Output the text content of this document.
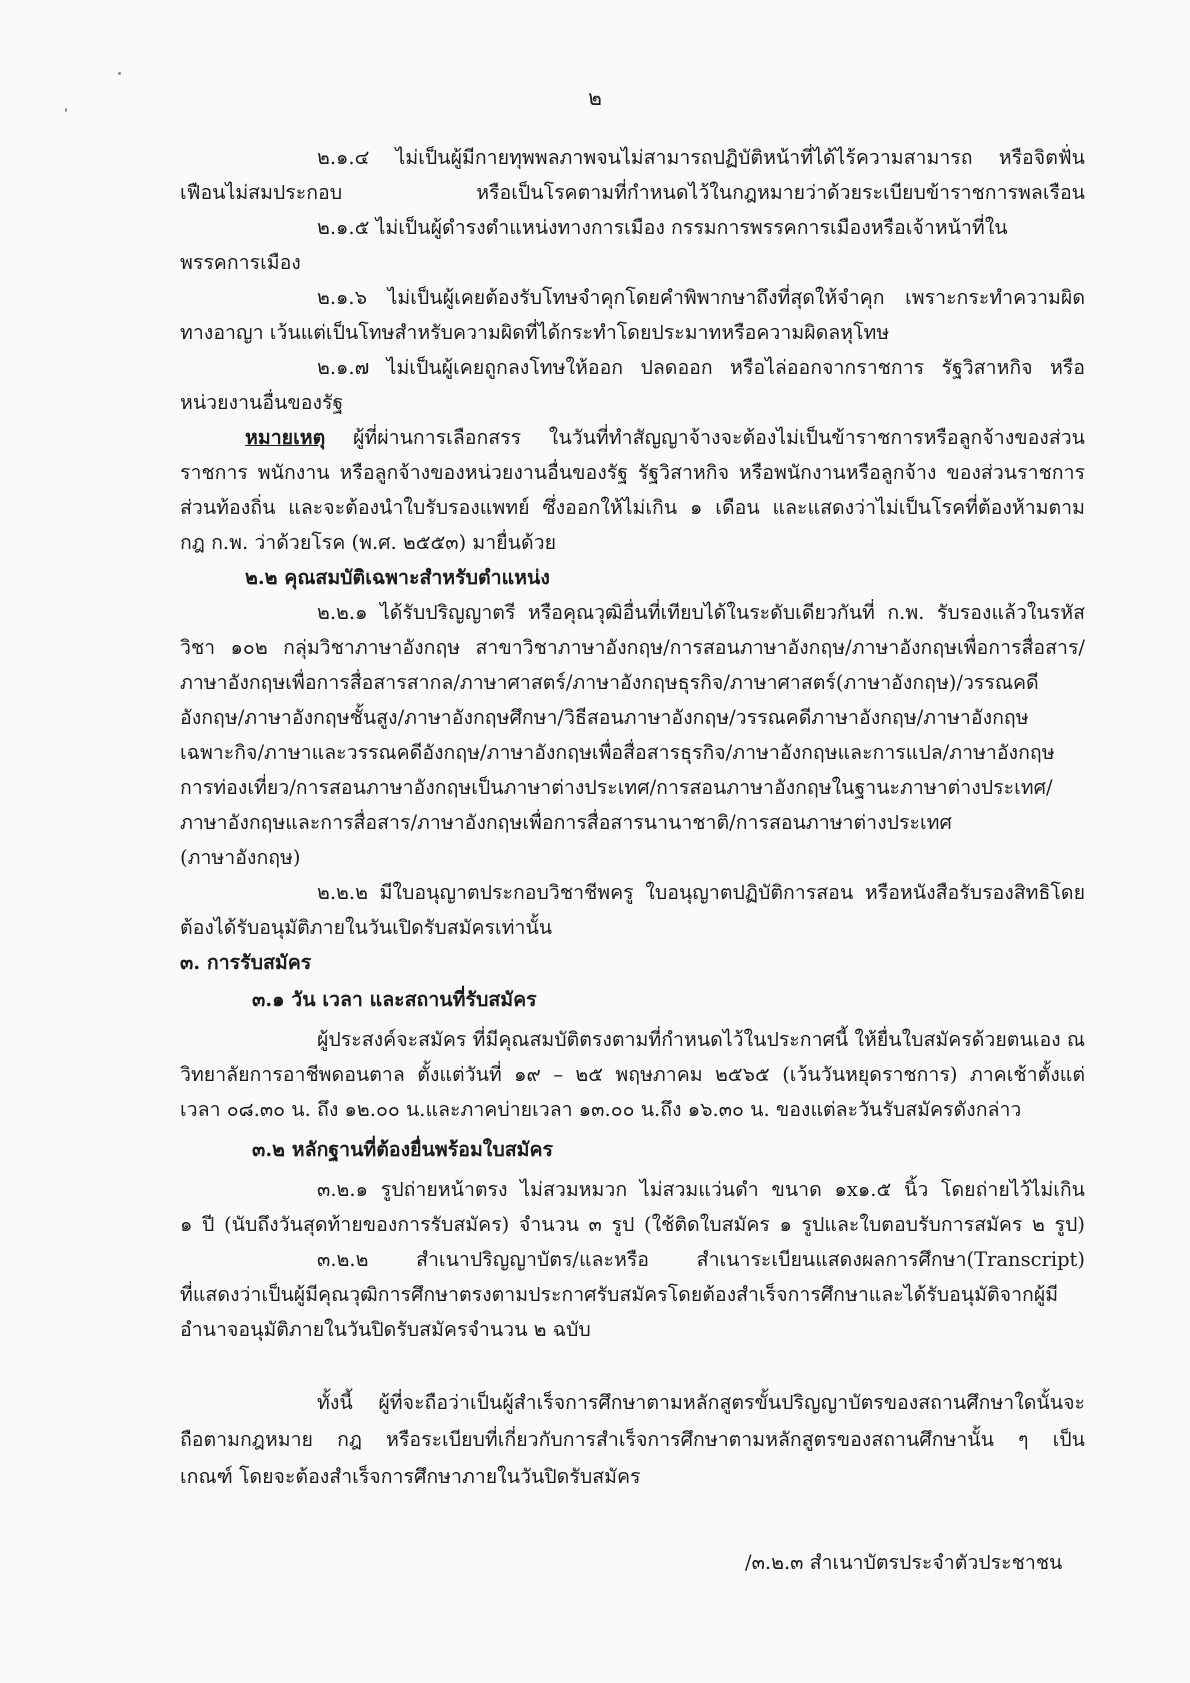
๒
๒.๑.๔ ไม่เป็นผู้มีกายทุพพลภาพจนไม่สามารถปฏิบัติหน้าที่ได้ไร้ความสามารถ หรือจิตฟั่น
เฟือนไม่สมประกอบ หรือเป็นโรคตามที่กำหนดไว้ในกฎหมายว่าด้วยระเบียบข้าราชการพลเรือน
๒.๑.๕ ไม่เป็นผู้ดำรงตำแหน่งทางการเมือง กรรมการพรรคการเมืองหรือเจ้าหน้าที่ใน
พรรคการเมือง
๒.๑.๖ ไม่เป็นผู้เคยต้องรับโทษจำคุกโดยคำพิพากษาถึงที่สุดให้จำคุก เพราะกระทำความผิด
ทางอาญา เว้นแต่เป็นโทษสำหรับความผิดที่ได้กระทำโดยประมาทหรือความผิดลหุโทษ
๒.๑.๗ ไม่เป็นผู้เคยถูกลงโทษให้ออก ปลดออก หรือไล่ออกจากราชการ รัฐวิสาหกิจ หรือ
หน่วยงานอื่นของรัฐ
หมายเหตุ ผู้ที่ผ่านการเลือกสรร ในวันที่ทำสัญญาจ้างจะต้องไม่เป็นข้าราชการหรือลูกจ้างของส่วน
ราชการ พนักงาน หรือลูกจ้างของหน่วยงานอื่นของรัฐ รัฐวิสาหกิจ หรือพนักงานหรือลูกจ้าง ของส่วนราชการ
ส่วนท้องถิ่น และจะต้องนำใบรับรองแพทย์ ซึ่งออกให้ไม่เกิน ๑ เดือน และแสดงว่าไม่เป็นโรคที่ต้องห้ามตาม
กฎ ก.พ. ว่าด้วยโรค (พ.ศ. ๒๕๕๓) มายื่นด้วย
๒.๒ คุณสมบัติเฉพาะสำหรับตำแหน่ง
๒.๒.๑ ได้รับปริญญาตรี หรือคุณวุฒิอื่นที่เทียบได้ในระดับเดียวกันที่ ก.พ. รับรองแล้วในรหัส
วิชา ๑๐๒ กลุ่มวิชาภาษาอังกฤษ สาขาวิชาภาษาอังกฤษ/การสอนภาษาอังกฤษ/ภาษาอังกฤษเพื่อการสื่อสาร/
ภาษาอังกฤษเพื่อการสื่อสารสากล/ภาษาศาสตร์/ภาษาอังกฤษธุรกิจ/ภาษาศาสตร์(ภาษาอังกฤษ)/วรรณคดี
อังกฤษ/ภาษาอังกฤษชั้นสูง/ภาษาอังกฤษศึกษา/วิธีสอนภาษาอังกฤษ/วรรณคดีภาษาอังกฤษ/ภาษาอังกฤษ
เฉพาะกิจ/ภาษาและวรรณคดีอังกฤษ/ภาษาอังกฤษเพื่อสื่อสารธุรกิจ/ภาษาอังกฤษและการแปล/ภาษาอังกฤษ
การท่องเที่ยว/การสอนภาษาอังกฤษเป็นภาษาต่างประเทศ/การสอนภาษาอังกฤษในฐานะภาษาต่างประเทศ/
ภาษาอังกฤษและการสื่อสาร/ภาษาอังกฤษเพื่อการสื่อสารนานาชาติ/การสอนภาษาต่างประเทศ
(ภาษาอังกฤษ)
๒.๒.๒ มีใบอนุญาตประกอบวิชาชีพครู ใบอนุญาตปฏิบัติการสอน หรือหนังสือรับรองสิทธิโดย
ต้องได้รับอนุมัติภายในวันเปิดรับสมัครเท่านั้น
๓. การรับสมัคร
๓.๑ วัน เวลา และสถานที่รับสมัคร
ผู้ประสงค์จะสมัคร ที่มีคุณสมบัติตรงตามที่กำหนดไว้ในประกาศนี้ ให้ยื่นใบสมัครด้วยตนเอง ณ
วิทยาลัยการอาชีพดอนตาล ตั้งแต่วันที่ ๑๙ – ๒๕ พฤษภาคม ๒๕๖๕ (เว้นวันหยุดราชการ) ภาคเช้าตั้งแต่
เวลา ๐๘.๓๐ น. ถึง ๑๒.๐๐ น.และภาคบ่ายเวลา ๑๓.๐๐ น.ถึง ๑๖.๓๐ น. ของแต่ละวันรับสมัครดังกล่าว
๓.๒ หลักฐานที่ต้องยื่นพร้อมใบสมัคร
๓.๒.๑ รูปถ่ายหน้าตรง ไม่สวมหมวก ไม่สวมแว่นดำ ขนาด ๑x๑.๕ นิ้ว โดยถ่ายไว้ไม่เกิน
๑ ปี (นับถึงวันสุดท้ายของการรับสมัคร) จำนวน ๓ รูป (ใช้ติดใบสมัคร ๑ รูปและใบตอบรับการสมัคร ๒ รูป)
๓.๒.๒ สำเนาปริญญาบัตร/และหรือ สำเนาระเบียนแสดงผลการศึกษา(Transcript)
ที่แสดงว่าเป็นผู้มีคุณวุฒิการศึกษาตรงตามประกาศรับสมัครโดยต้องสำเร็จการศึกษาและได้รับอนุมัติจากผู้มี
อำนาจอนุมัติภายในวันปิดรับสมัครจำนวน ๒ ฉบับ
ทั้งนี้ ผู้ที่จะถือว่าเป็นผู้สำเร็จการศึกษาตามหลักสูตรขั้นปริญญาบัตรของสถานศึกษาใดนั้นจะ
ถือตามกฎหมาย กฎ หรือระเบียบที่เกี่ยวกับการสำเร็จการศึกษาตามหลักสูตรของสถานศึกษานั้น ๆ เป็น
เกณฑ์ โดยจะต้องสำเร็จการศึกษาภายในวันปิดรับสมัคร
/๓.๒.๓ สำเนาบัตรประจำตัวประชาชน
